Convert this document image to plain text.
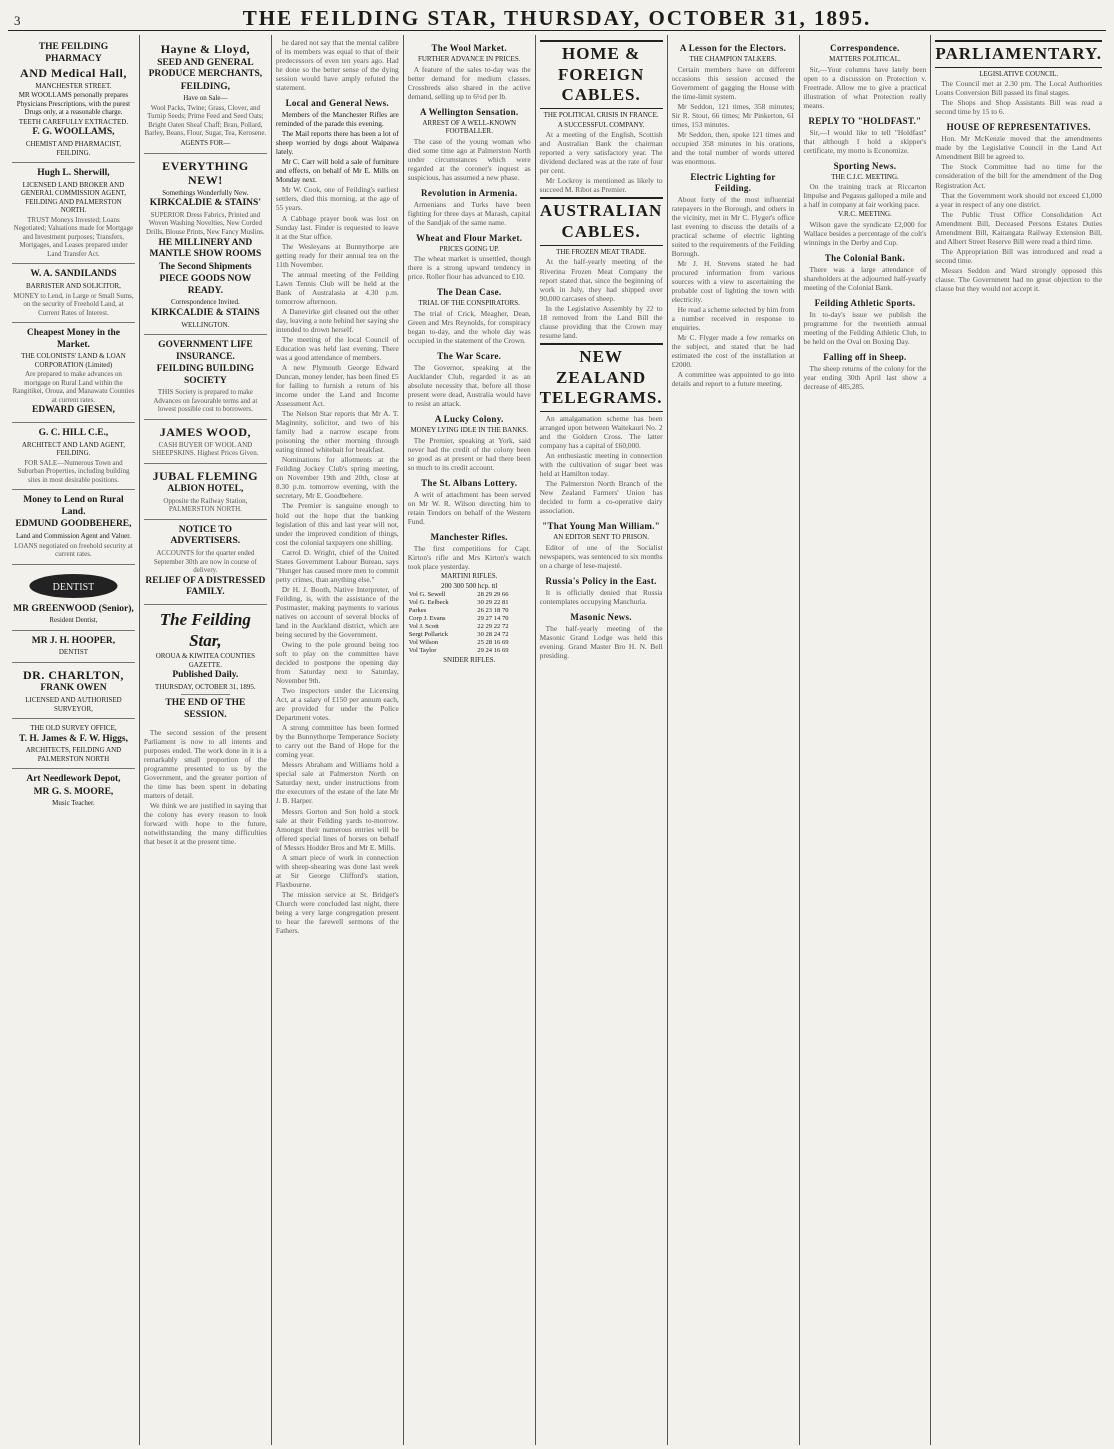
3	THE FEILDING STAR, THURSDAY, OCTOBER 31, 1895.

THE FEILDING PHARMACY

AND Medical Hall,

MANCHESTER STREET.

MR WOOLLAMS personally prepares Physicians Prescriptions, with the purest Drugs only, at a reasonable charge.

TEETH CAREFULLY EXTRACTED.

F. G. WOOLLAMS,

CHEMIST AND PHARMACIST, FEILDING.

Hugh L. Sherwill,

LICENSED LAND BROKER AND GENERAL COMMISSION AGENT, FEILDING AND PALMERSTON NORTH.

TRUST Moneys Invested; Loans Negotiated; Valuations made for Mortgage and Investment purposes; Transfers, Mortgages, and Leases prepared under Land Transfer Act.

W. A. SANDILANDS

BARRISTER AND SOLICITOR,

MONEY to Lend, in Large or Small Sums, on the security of Freehold Land, at Current Rates of Interest.

Cheapest Money in the Market.

THE COLONISTS' LAND & LOAN CORPORATION (Limited)

Are prepared to make advances on mortgage on Rural Land within the Rangitikei, Oroua, and Manawatu Counties at current rates.

EDWARD GIESEN,

G. C. HILL C.E.,

ARCHITECT AND LAND AGENT, FEILDING.

FOR SALE—Numerous Town and Suburban Properties, including building sites in most desirable positions.

Money to Lend on Rural Land.

EDMUND GOODBEHERE,

Land and Commission Agent and Valuer.

LOANS negotiated on freehold security at current rates.

DENTIST

MR GREENWOOD (Senior),

Resident Dentist,

MR J. H. HOOPER,

DENTIST

DR. CHARLTON,

FRANK OWEN

LICENSED AND AUTHORISED SURVEYOR,

THE OLD SURVEY OFFICE,

T. H. James & F. W. Higgs,

ARCHITECTS, FEILDING AND PALMERSTON NORTH

Art Needlework Depot,

MR G. S. MOORE,

Music Teacher.

Hayne & Lloyd,

SEED AND GENERAL PRODUCE MERCHANTS,

FEILDING,

Have on Sale—

Wool Packs, Twine; Grass, Clover, and Turnip Seeds; Prime Feed and Seed Oats; Bright Oaten Sheaf Chaff; Bran, Pollard, Barley, Beans, Flour, Sugar, Tea, Kerosene.

AGENTS FOR—

EVERYTHING NEW!

Somethings Wonderfully New.

KIRKCALDIE & STAINS'

SUPERIOR Dress Fabrics, Printed and Woven Washing Novelties, New Corded Drills, Blouse Prints, New Fancy Muslins.

HE MILLINERY AND MANTLE SHOW ROOMS

The Second Shipments

PIECE GOODS NOW READY.

Correspondence Invited.

KIRKCALDIE & STAINS

WELLINGTON.

GOVERNMENT LIFE INSURANCE.

FEILDING BUILDING SOCIETY

THIS Society is prepared to make Advances on favourable terms and at lowest possible cost to borrowers.

JAMES WOOD,

CASH BUYER OF WOOL AND SHEEPSKINS. Highest Prices Given.

JUBAL FLEMING

ALBION HOTEL,

Opposite the Railway Station, PALMERSTON NORTH.

NOTICE TO ADVERTISERS.

ACCOUNTS for the quarter ended September 30th are now in course of delivery.

RELIEF OF A DISTRESSED FAMILY.

The Feilding Star,

OROUA & KIWITEA COUNTIES GAZETTE.

Published Daily.

THURSDAY, OCTOBER 31, 1895.

THE END OF THE SESSION.

The second session of the present Parliament is now to all intents and purposes ended. The work done in it is a remarkably small proportion of the programme presented to us by the Government, and the greater portion of the time has been spent in debating matters of detail.

We think we are justified in saying that the colony has every reason to look forward with hope to the future, notwithstanding the many difficulties that beset it at the present time.

he dared not say that the mental calibre of its members was equal to that of their predecessors of even ten years ago. Had he done so the better sense of the dying session would have amply refuted the statement.

Local and General News.

Members of the Manchester Rifles are reminded of the parade this evening.

The Mail reports there has been a lot of sheep worried by dogs about Waipawa lately.

Mr C. Carr will hold a sale of furniture and effects, on behalf of Mr E. Mills on Monday next.

Mr W. Cook, one of Feilding's earliest settlers, died this morning, at the age of 55 years.

A Cabbage prayer book was lost on Sunday last. Finder is requested to leave it at the Star office.

The Wesleyans at Bunnythorpe are getting ready for their annual tea on the 11th November.

The annual meeting of the Feilding Lawn Tennis Club will be held at the Bank of Australasia at 4.30 p.m. tomorrow afternoon.

A Danevirke girl cleaned out the other day, leaving a note behind her saying she intended to drown herself.

The meeting of the local Council of Education was held last evening. There was a good attendance of members.

A new Plymouth George Edward Duncan, money lender, has been fined £5 for failing to furnish a return of his income under the Land and Income Assessment Act.

The Nelson Star reports that Mr A. T. Maginnity, solicitor, and two of his family had a narrow escape from poisoning the other morning through eating tinned whitebait for breakfast.

Nominations for allotments at the Feilding Jockey Club's spring meeting, on November 19th and 20th, close at 8.30 p.m. tomorrow evening, with the secretary, Mr E. Goodbehere.

The Premier is sanguine enough to hold out the hope that the banking legislation of this and last year will not, under the improved condition of things, cost the colonial taxpayers one shilling.

Carrol D. Wright, chief of the United States Government Labour Bureau, says "Hunger has caused more men to commit petty crimes, than anything else."

Dr H. J. Booth, Native Interpreter, of Feilding, is, with the assistance of the Postmaster, making payments to various natives on account of several blocks of land in the Auckland district, which are being secured by the Government.

Owing to the pole ground being too soft to play on the committee have decided to postpone the opening day from Saturday next to Saturday, November 9th.

Two inspectors under the Licensing Act, at a salary of £150 per annum each, are provided for under the Police Department votes.

A strong committee has been formed by the Bunnythorpe Temperance Society to carry out the Band of Hope for the coming year.

Messrs Abraham and Williams hold a special sale at Palmerston North on Saturday next, under instructions from the executors of the estate of the late Mr J. B. Harper.

Messrs Gorton and Son hold a stock sale at their Feilding yards to-morrow. Amongst their numerous entries will be offered special lines of horses on behalf of Messrs Hodder Bros and Mr E. Mills.

A smart piece of work in connection with sheep-shearing was done last week at Sir George Clifford's station, Flaxbourne.

The mission service at St. Bridget's Church were concluded last night, there being a very large congregation present to hear the farewell sermons of the Fathers.

The Wool Market.

FURTHER ADVANCE IN PRICES.

A feature of the sales to-day was the better demand for medium classes. Crossbreds also shared in the active demand, selling up to 6½d per lb.

A Wellington Sensation.

ARREST OF A WELL-KNOWN FOOTBALLER.

The case of the young woman who died some time ago at Palmerston North under circumstances which were regarded at the coroner's inquest as suspicious, has assumed a new phase.

Revolution in Armenia.

Armenians and Turks have been fighting for three days at Marash, capital of the Sandjak of the same name.

Wheat and Flour Market.

PRICES GOING UP.

The wheat market is unsettled, though there is a strong upward tendency in price. Roller flour has advanced to £10.

The Dean Case.

TRIAL OF THE CONSPIRATORS.

The trial of Crick, Meagher, Dean, Green and Mrs Reynolds, for conspiracy began to-day, and the whole day was occupied in the statement of the Crown.

The War Scare.

The Governor, speaking at the Aucklander Club, regarded it as an absolute necessity that, before all those present were dead, Australia would have to resist an attack.

A Lucky Colony.

MONEY LYING IDLE IN THE BANKS.

The Premier, speaking at York, said never had the credit of the colony been so good as at present or had there been so much to its credit account.

The St. Albans Lottery.

A writ of attachment has been served on Mr W. R. Wilson directing him to retain Tendors on behalf of the Western Fund.

Manchester Rifles.

The first competitions for Capt. Kirton's rifle and Mrs Kirton's watch took place yesterday.

MARTINI RIFLES.

200 300 500 hcp. ttl

Vol G. Sewell	28 29 29 66
Vol G. Eelbeck	30 29 22 81
Parkes	26 23 18 70
Corp J. Evans	29 27 14 70
Vol J. Scott	22 29 22 72
Sergt Pollarick	30 28 24 72
Vol Wilson	25 28 16 69
Vol Taylor	29 24 16 69

SNIDER RIFLES.

HOME & FOREIGN CABLES.

THE POLITICAL CRISIS IN FRANCE.

A SUCCESSFUL COMPANY.

At a meeting of the English, Scottish and Australian Bank the chairman reported a very satisfactory year. The dividend declared was at the rate of four per cent.

Mr Lockroy is mentioned as likely to succeed M. Ribot as Premier.

AUSTRALIAN CABLES.

THE FROZEN MEAT TRADE.

At the half-yearly meeting of the Riverina Frozen Meat Company the report stated that, since the beginning of work in July, they had shipped over 90,000 carcases of sheep.

In the Legislative Assembly by 22 to 18 removed from the Land Bill the clause providing that the Crown may resume land.

NEW ZEALAND TELEGRAMS.

An amalgamation scheme has been arranged upon between Waitekauri No. 2 and the Goldern Cross. The latter company has a capital of £60,000.

An enthusiastic meeting in connection with the cultivation of sugar beet was held at Hamilton today.

The Palmerston North Branch of the New Zealand Farmers' Union has decided to form a co-operative dairy association.

"That Young Man William."

AN EDITOR SENT TO PRISON.

Editor of one of the Socialist newspapers, was sentenced to six months on a charge of lese-majesté.

Russia's Policy in the East.

It is officially denied that Russia contemplates occupying Manchuria.

Masonic News.

The half-yearly meeting of the Masonic Grand Lodge was held this evening. Grand Master Bro H. N. Bell presiding.

A Lesson for the Electors.

THE CHAMPION TALKERS.

Certain members have on different occasions this session accused the Government of gagging the House with the time-limit system.

Mr Seddon, 121 times, 358 minutes; Sir R. Stout, 66 times; Mr Pinkerton, 61 times, 153 minutes.

Mr Seddon, then, spoke 121 times and occupied 358 minutes in his orations, and the total number of words uttered was enormous.

Electric Lighting for Feilding.

About forty of the most influential ratepayers in the Borough, and others in the vicinity, met in Mr C. Flyger's office last evening to discuss the details of a practical scheme of electric lighting suited to the requirements of the Feilding Borough.

Mr J. H. Stevens stated he had procured information from various sources with a view to ascertaining the probable cost of lighting the town with electricity.

He read a scheme selected by him from a number received in response to enquiries.

Mr C. Flyger made a few remarks on the subject, and stated that he had estimated the cost of the installation at £2000.

A committee was appointed to go into details and report to a future meeting.

Correspondence.

MATTERS POLITICAL.

Sir,—Your columns have lately been open to a discussion on Protection v. Freetrade. Allow me to give a practical illustration of what Protection really means.

REPLY TO "HOLDFAST."

Sir,—I would like to tell "Holdfast" that although I hold a skipper's certificate, my motto is Economize.

Sporting News.

THE C.J.C. MEETING.

On the training track at Riccarton Impulse and Pegasus galloped a mile and a half in company at fair working pace.

V.R.C. MEETING.

Wilson gave the syndicate £2,000 for Wallace besides a percentage of the colt's winnings in the Derby and Cup.

The Colonial Bank.

There was a large attendance of shareholders at the adjourned half-yearly meeting of the Colonial Bank.

Feilding Athletic Sports.

In to-day's issue we publish the programme for the twentieth annual meeting of the Feilding Athletic Club, to be held on the Oval on Boxing Day.

Falling off in Sheep.

The sheep returns of the colony for the year ending 30th April last show a decrease of 485,285.

PARLIAMENTARY.

LEGISLATIVE COUNCIL.

The Council met at 2.30 pm. The Local Authorities Loans Conversion Bill passed its final stages.

The Shops and Shop Assistants Bill was read a second time by 15 to 6.

HOUSE OF REPRESENTATIVES.

Hon. Mr McKenzie moved that the amendments made by the Legislative Council in the Land Act Amendment Bill be agreed to.

The Stock Committee had no time for the consideration of the bill for the amendment of the Dog Registration Act.

That the Government work should not exceed £1,000 a year in respect of any one district.

The Public Trust Office Consolidation Act Amendment Bill, Deceased Persons Estates Duties Amendment Bill, Kaitangata Railway Extension Bill, and Albert Street Reserve Bill were read a third time.

The Appropriation Bill was introduced and read a second time.

Messrs Seddon and Ward strongly opposed this clause. The Government had no great objection to the clause but they would not accept it.
